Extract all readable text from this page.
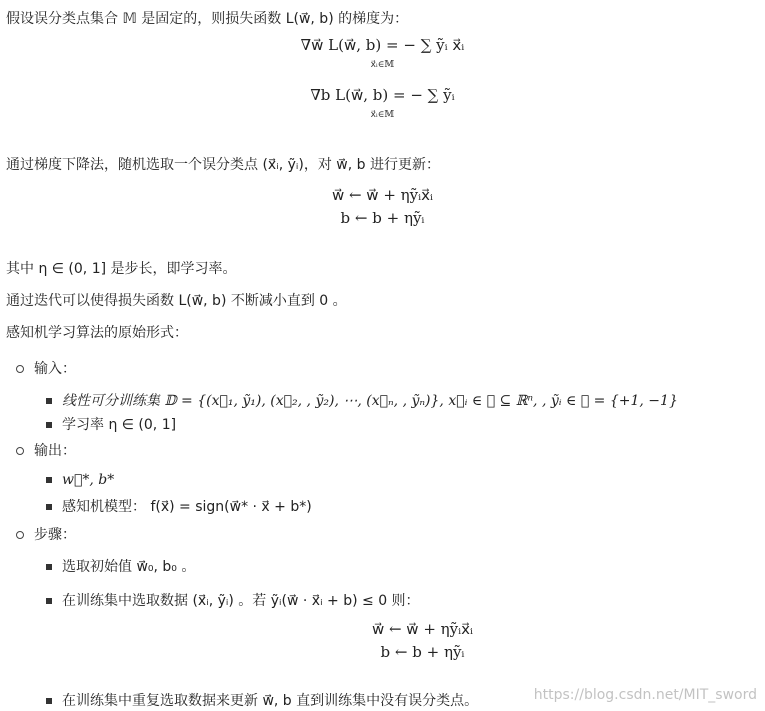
假设误分类点集合 𝕄 是固定的，则损失函数 L(w⃗, b) 的梯度为：
∇w⃗ L(w⃗, b) = − ∑ ỹᵢ x⃗ᵢ
x⃗ᵢ∈𝕄
∇b L(w⃗, b) = − ∑ ỹᵢ
x⃗ᵢ∈𝕄
通过梯度下降法，随机选取一个误分类点 (x⃗ᵢ, ỹᵢ)，对 w⃗, b 进行更新：
w⃗ ← w⃗ + ηỹᵢx⃗ᵢ
b ← b + ηỹᵢ
其中 η ∈ (0, 1] 是步长，即学习率。
通过迭代可以使得损失函数 L(w⃗, b) 不断减小直到 0 。
感知机学习算法的原始形式：
输入：
线性可分训练集 𝔻 = {(x⃗₁, ỹ₁), (x⃗₂, , ỹ₂), ⋯, (x⃗ₙ, , ỹₙ)}, x⃗ᵢ ∈ 𝒳 ⊆ ℝⁿ, , ỹᵢ ∈ 𝒴 = {+1, −1}
学习率 η ∈ (0, 1]
输出：
w⃗*, b*
感知机模型： f(x⃗) = sign(w⃗* · x⃗ + b*)
步骤：
选取初始值 w⃗₀, b₀ 。
在训练集中选取数据 (x⃗ᵢ, ỹᵢ) 。若 ỹᵢ(w⃗ · x⃗ᵢ + b) ≤ 0 则：
w⃗ ← w⃗ + ηỹᵢx⃗ᵢ
b ← b + ηỹᵢ
在训练集中重复选取数据来更新 w⃗, b 直到训练集中没有误分类点。	https://blog.csdn.net/MIT_sword
